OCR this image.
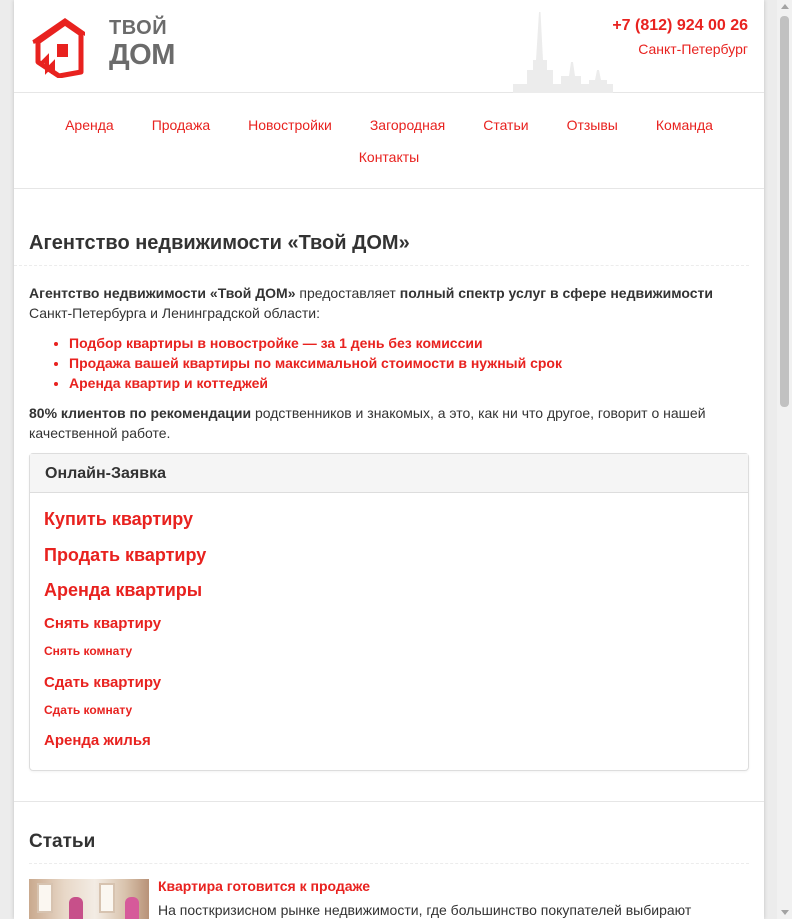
ТВОЙ
ДОМ
+7 (812) 924 00 26
Санкт-Петербург
Аренда	Продажа	Новостройки	Загородная	Статьи	Отзывы	Команда
Контакты
Агентство недвижимости «Твой ДОМ»

Агентство недвижимости «Твой ДОМ» предоставляет полный спектр услуг в сфере недвижимости Санкт-Петербурга и Ленинградской области:

• Подбор квартиры в новостройке — за 1 день без комиссии
• Продажа вашей квартиры по максимальной стоимости в нужный срок
• Аренда квартир и коттеджей

80% клиентов по рекомендации родственников и знакомых, а это, как ни что другое, говорит о нашей качественной работе.

Онлайн-Заявка
Купить квартиру
Продать квартиру
Аренда квартиры
Снять квартиру
Снять комнату
Сдать квартиру
Сдать комнату
Аренда жилья
Статьи
Квартира готовится к продаже
На посткризисном рынке недвижимости, где большинство покупателей выбирают
